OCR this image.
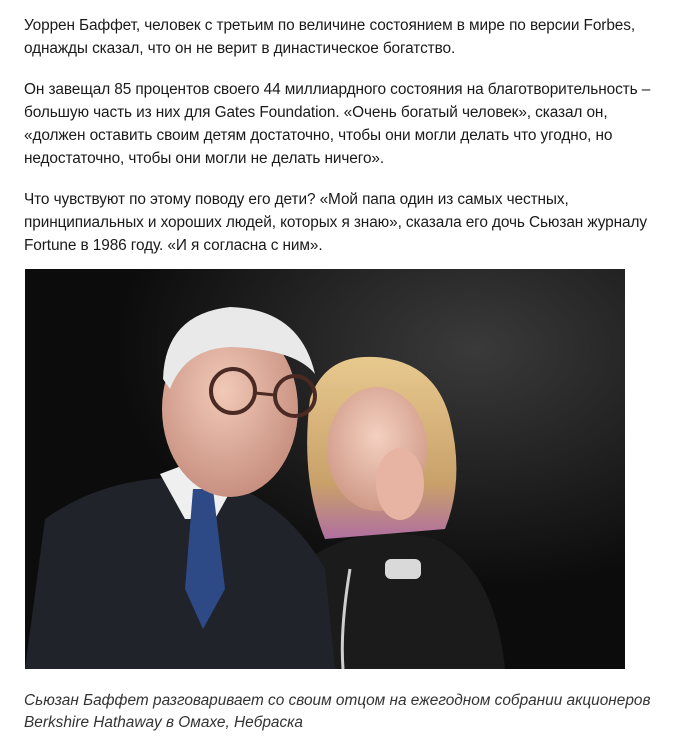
Уоррен Баффет, человек с третьим по величине состоянием в мире по версии Forbes, однажды сказал, что он не верит в династическое богатство.

Он завещал 85 процентов своего 44 миллиардного состояния на благотворительность – большую часть из них для Gates Foundation. «Очень богатый человек», сказал он, «должен оставить своим детям достаточно, чтобы они могли делать что угодно, но недостаточно, чтобы они могли не делать ничего».

Что чувствуют по этому поводу его дети? «Мой папа один из самых честных, принципиальных и хороших людей, которых я знаю», сказала его дочь Сьюзан журналу Fortune в 1986 году. «И я согласна с ним».

Сьюзан Баффет разговаривает со своим отцом на ежегодном собрании акционеров Berkshire Hathaway в Омахе, Небраска
